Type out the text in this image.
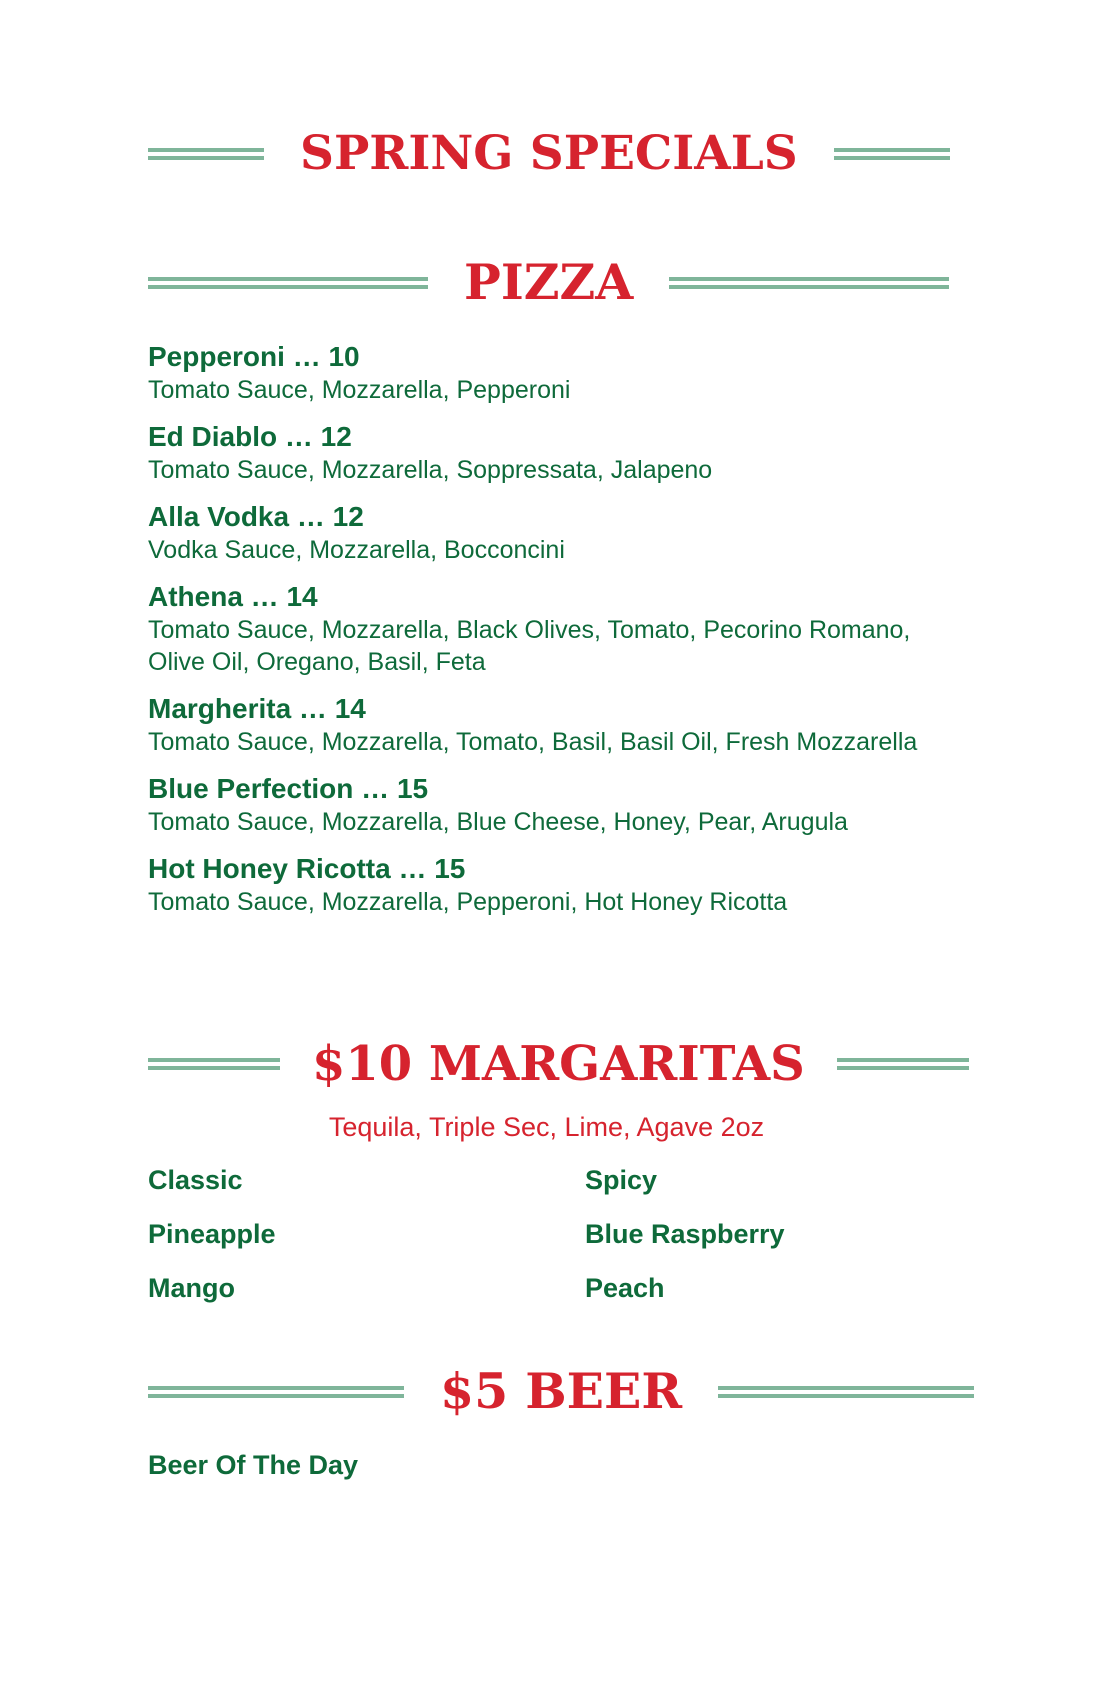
SPRING SPECIALS
PIZZA
Pepperoni … 10
Tomato Sauce, Mozzarella, Pepperoni
Ed Diablo … 12
Tomato Sauce, Mozzarella, Soppressata, Jalapeno
Alla Vodka … 12
Vodka Sauce, Mozzarella, Bocconcini
Athena … 14
Tomato Sauce, Mozzarella, Black Olives, Tomato, Pecorino Romano, Olive Oil, Oregano, Basil, Feta
Margherita … 14
Tomato Sauce, Mozzarella, Tomato, Basil, Basil Oil, Fresh Mozzarella
Blue Perfection … 15
Tomato Sauce, Mozzarella, Blue Cheese, Honey, Pear, Arugula
Hot Honey Ricotta … 15
Tomato Sauce, Mozzarella, Pepperoni, Hot Honey Ricotta
$10 MARGARITAS
Tequila, Triple Sec, Lime, Agave 2oz
Classic	Spicy
Pineapple	Blue Raspberry
Mango	Peach
$5 BEER
Beer Of The Day
